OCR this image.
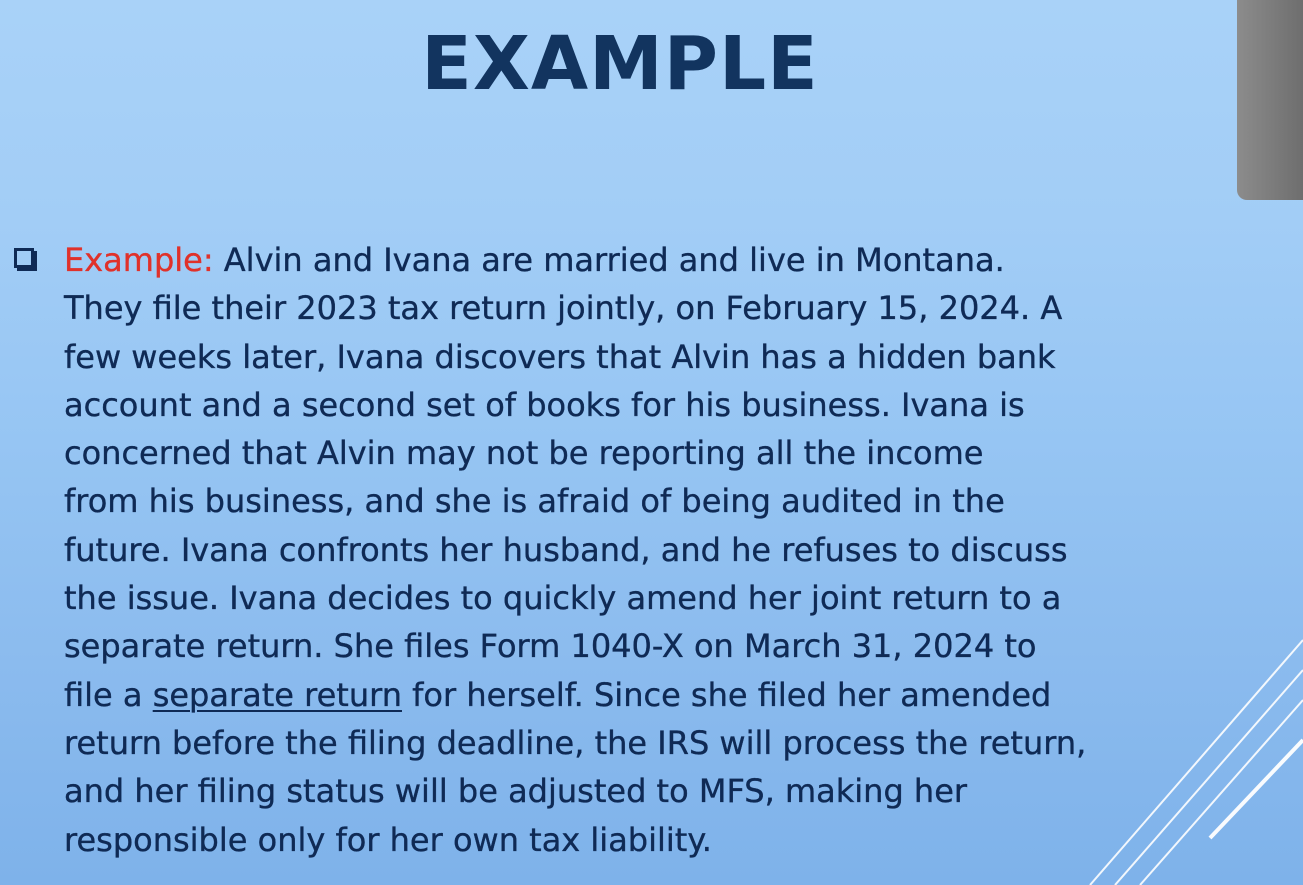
EXAMPLE

Example: Alvin and Ivana are married and live in Montana.
They file their 2023 tax return jointly, on February 15, 2024. A
few weeks later, Ivana discovers that Alvin has a hidden bank
account and a second set of books for his business. Ivana is
concerned that Alvin may not be reporting all the income
from his business, and she is afraid of being audited in the
future. Ivana confronts her husband, and he refuses to discuss
the issue. Ivana decides to quickly amend her joint return to a
separate return. She files Form 1040-X on March 31, 2024 to
file a separate return for herself. Since she filed her amended
return before the filing deadline, the IRS will process the return,
and her filing status will be adjusted to MFS, making her
responsible only for her own tax liability.
